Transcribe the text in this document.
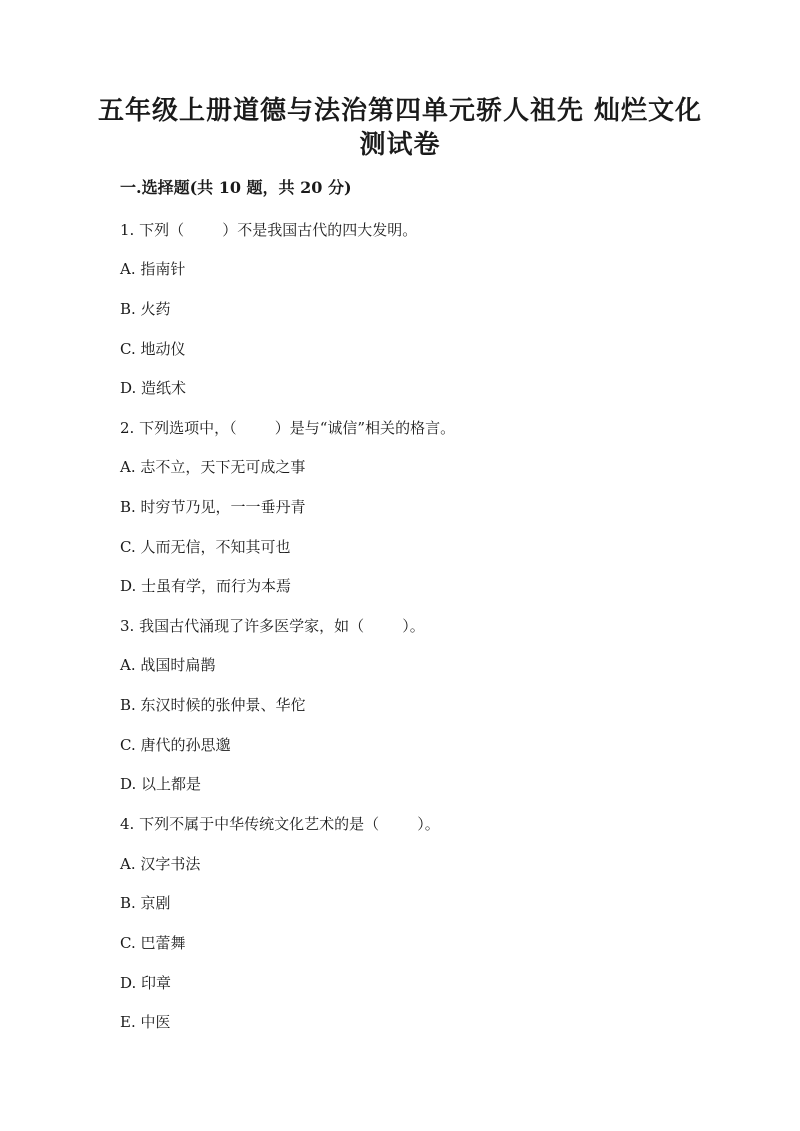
五年级上册道德与法治第四单元骄人祖先 灿烂文化
测试卷
一.选择题(共 10 题，共 20 分)
1. 下列（        ）不是我国古代的四大发明。
A. 指南针
B. 火药
C. 地动仪
D. 造纸术
2. 下列选项中，（        ）是与“诚信”相关的格言。
A. 志不立，天下无可成之事
B. 时穷节乃见，一一垂丹青
C. 人而无信，不知其可也
D. 士虽有学，而行为本焉
3. 我国古代涌现了许多医学家，如（        ）。
A. 战国时扁鹊
B. 东汉时候的张仲景、华佗
C. 唐代的孙思邈
D. 以上都是
4. 下列不属于中华传统文化艺术的是（        ）。
A. 汉字书法
B. 京剧
C. 巴蕾舞
D. 印章
E. 中医
